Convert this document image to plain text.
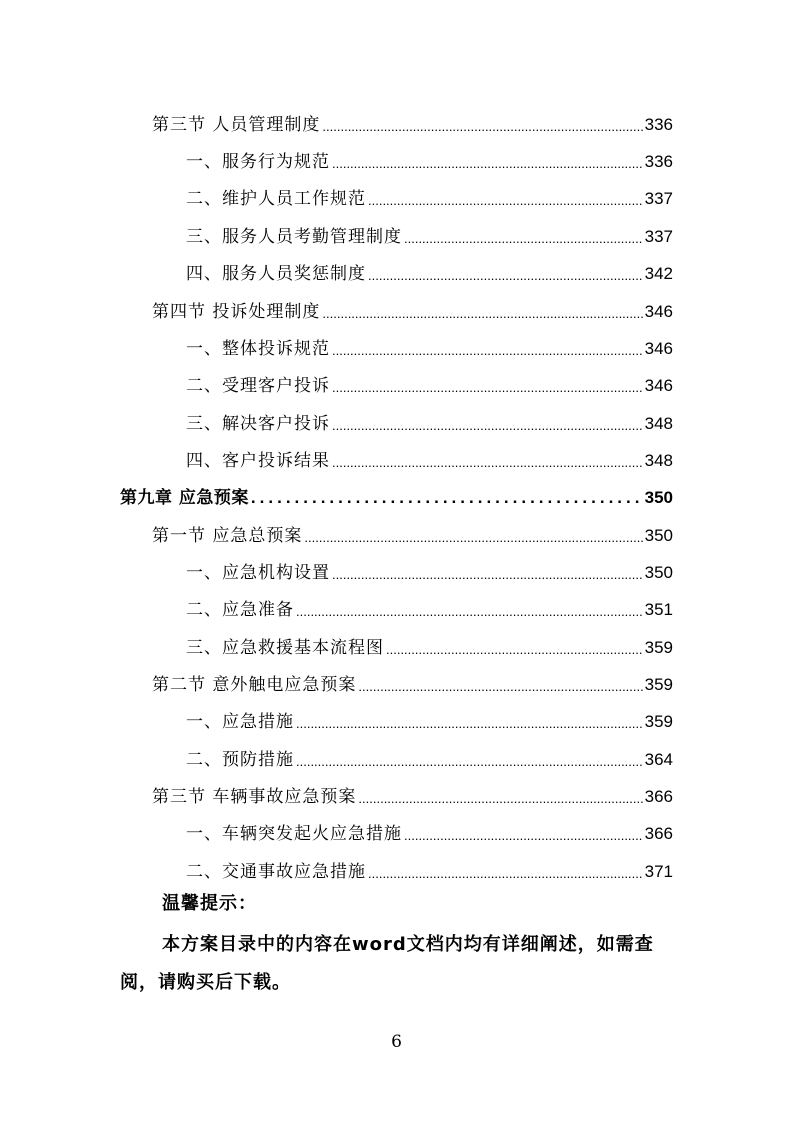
第三节 人员管理制度 .....	336
一、服务行为规范 .....	336
二、维护人员工作规范 .....	337
三、服务人员考勤管理制度 .....	337
四、服务人员奖惩制度 .....	342
第四节 投诉处理制度 .....	346
一、整体投诉规范 .....	346
二、受理客户投诉 .....	346
三、解决客户投诉 .....	348
四、客户投诉结果 .....	348
第九章 应急预案 .....	350
第一节 应急总预案 .....	350
一、应急机构设置 .....	350
二、应急准备 .....	351
三、应急救援基本流程图 .....	359
第二节 意外触电应急预案 .....	359
一、应急措施 .....	359
二、预防措施 .....	364
第三节 车辆事故应急预案 .....	366
一、车辆突发起火应急措施 .....	366
二、交通事故应急措施 .....	371
温馨提示：
本方案目录中的内容在word文档内均有详细阐述，如需查阅，请购买后下载。
6
